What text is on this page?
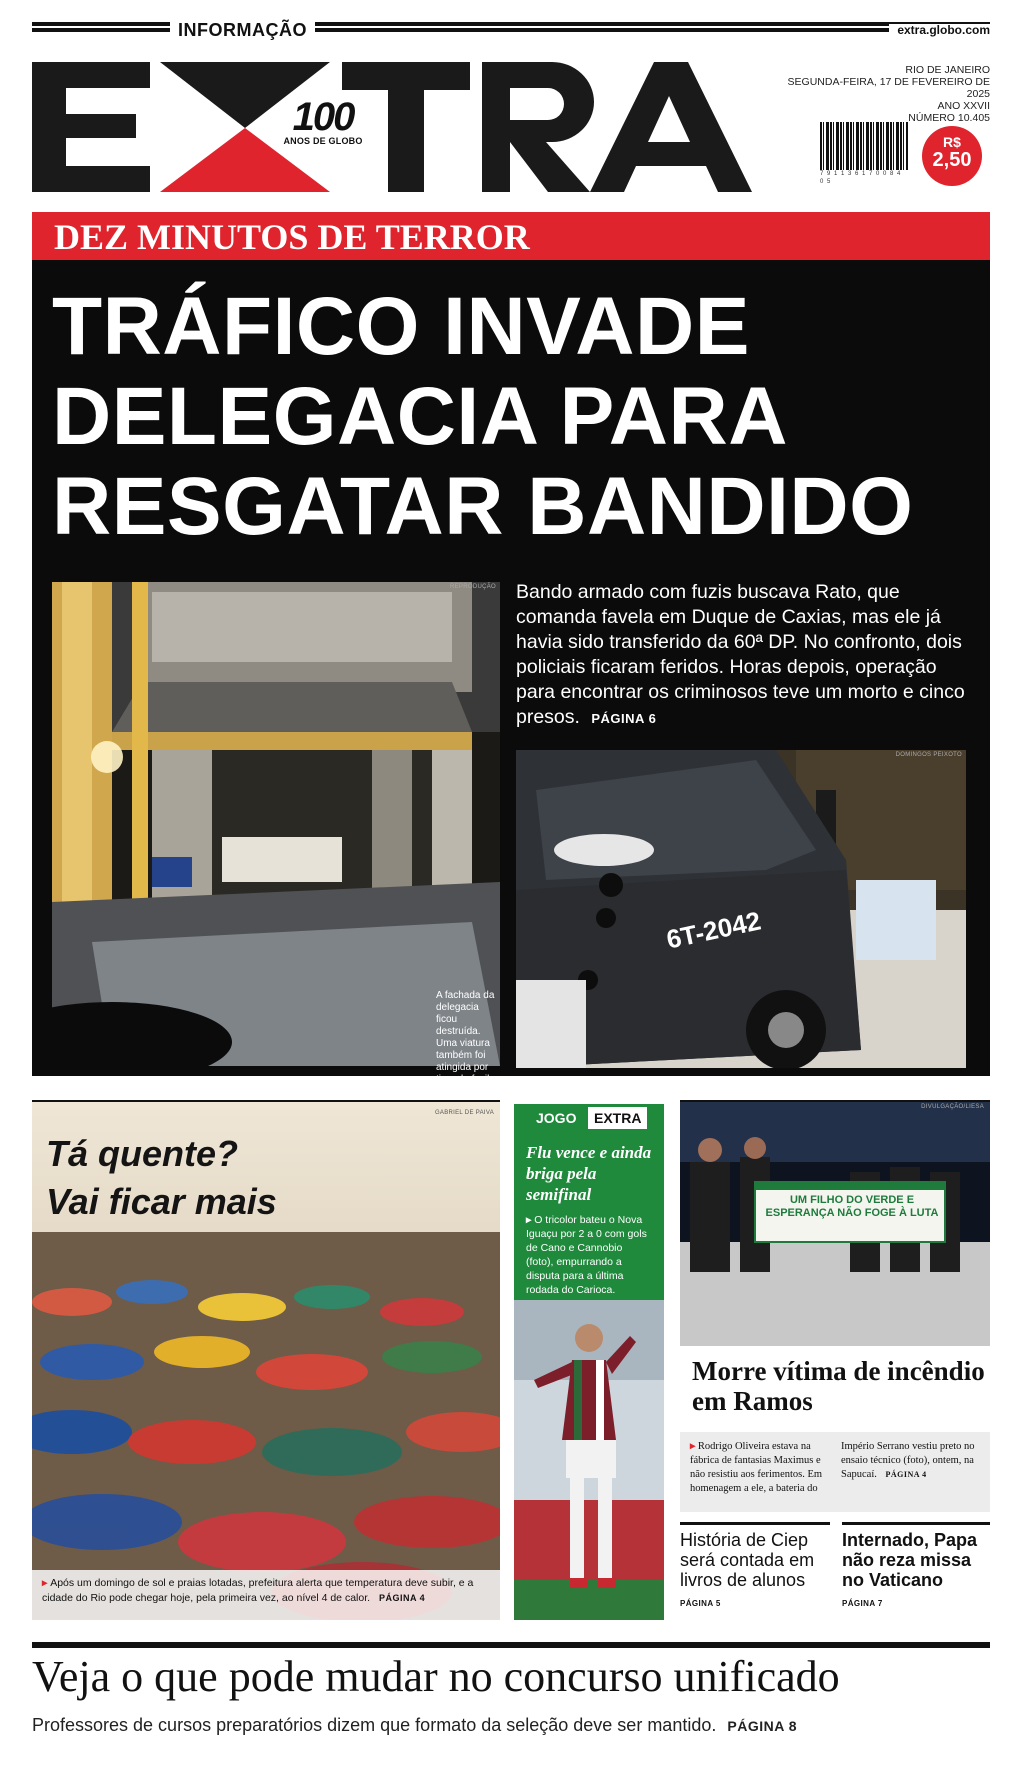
INFORMAÇÃO	extra.globo.com
100
ANOS DE GLOBO
RIO DE JANEIRO
SEGUNDA-FEIRA, 17 DE FEVEREIRO DE 2025
ANO XXVII
NÚMERO 10.405
7 9 1 1 3 6 1 7 0 0 8 4 0 5
R$
2,50
DEZ MINUTOS DE TERROR
TRÁFICO INVADE
DELEGACIA PARA
RESGATAR BANDIDO
REPRODUÇÃO
A fachada da delegacia ficou destruída. Uma viatura também foi atingida por tiros de fuzil
Bando armado com fuzis buscava Rato, que comanda favela em Duque de Caxias, mas ele já havia sido transferido da 60ª DP. No confronto, dois policiais ficaram feridos. Horas depois, operação para encontrar os criminosos teve um morto e cinco presos. PÁGINA 6
6T-2042
DOMINGOS PEIXOTO
GABRIEL DE PAIVA
Tá quente?
Vai ficar mais
▸ Após um domingo de sol e praias lotadas, prefeitura alerta que temperatura deve subir, e a cidade do Rio pode chegar hoje, pela primeira vez, ao nível 4 de calor. PÁGINA 4
JOGO	EXTRA
Flu vence e ainda briga pela semifinal
▸ O tricolor bateu o Nova Iguaçu por 2 a 0 com gols de Cano e Cannobio (foto), empurrando a disputa para a última rodada do Carioca.
UM FILHO DO VERDE E ESPERANÇA NÃO FOGE À LUTA
DIVULGAÇÃO/LIESA
Morre vítima de incêndio em Ramos
▸ Rodrigo Oliveira estava na fábrica de fantasias Maximus e não resistiu aos ferimentos. Em homenagem a ele, a bateria do Império Serrano vestiu preto no ensaio técnico (foto), ontem, na Sapucaí. PÁGINA 4
História de Ciep será contada em livros de alunos
PÁGINA 5
Internado, Papa não reza missa no Vaticano
PÁGINA 7
Veja o que pode mudar no concurso unificado
Professores de cursos preparatórios dizem que formato da seleção deve ser mantido. PÁGINA 8
